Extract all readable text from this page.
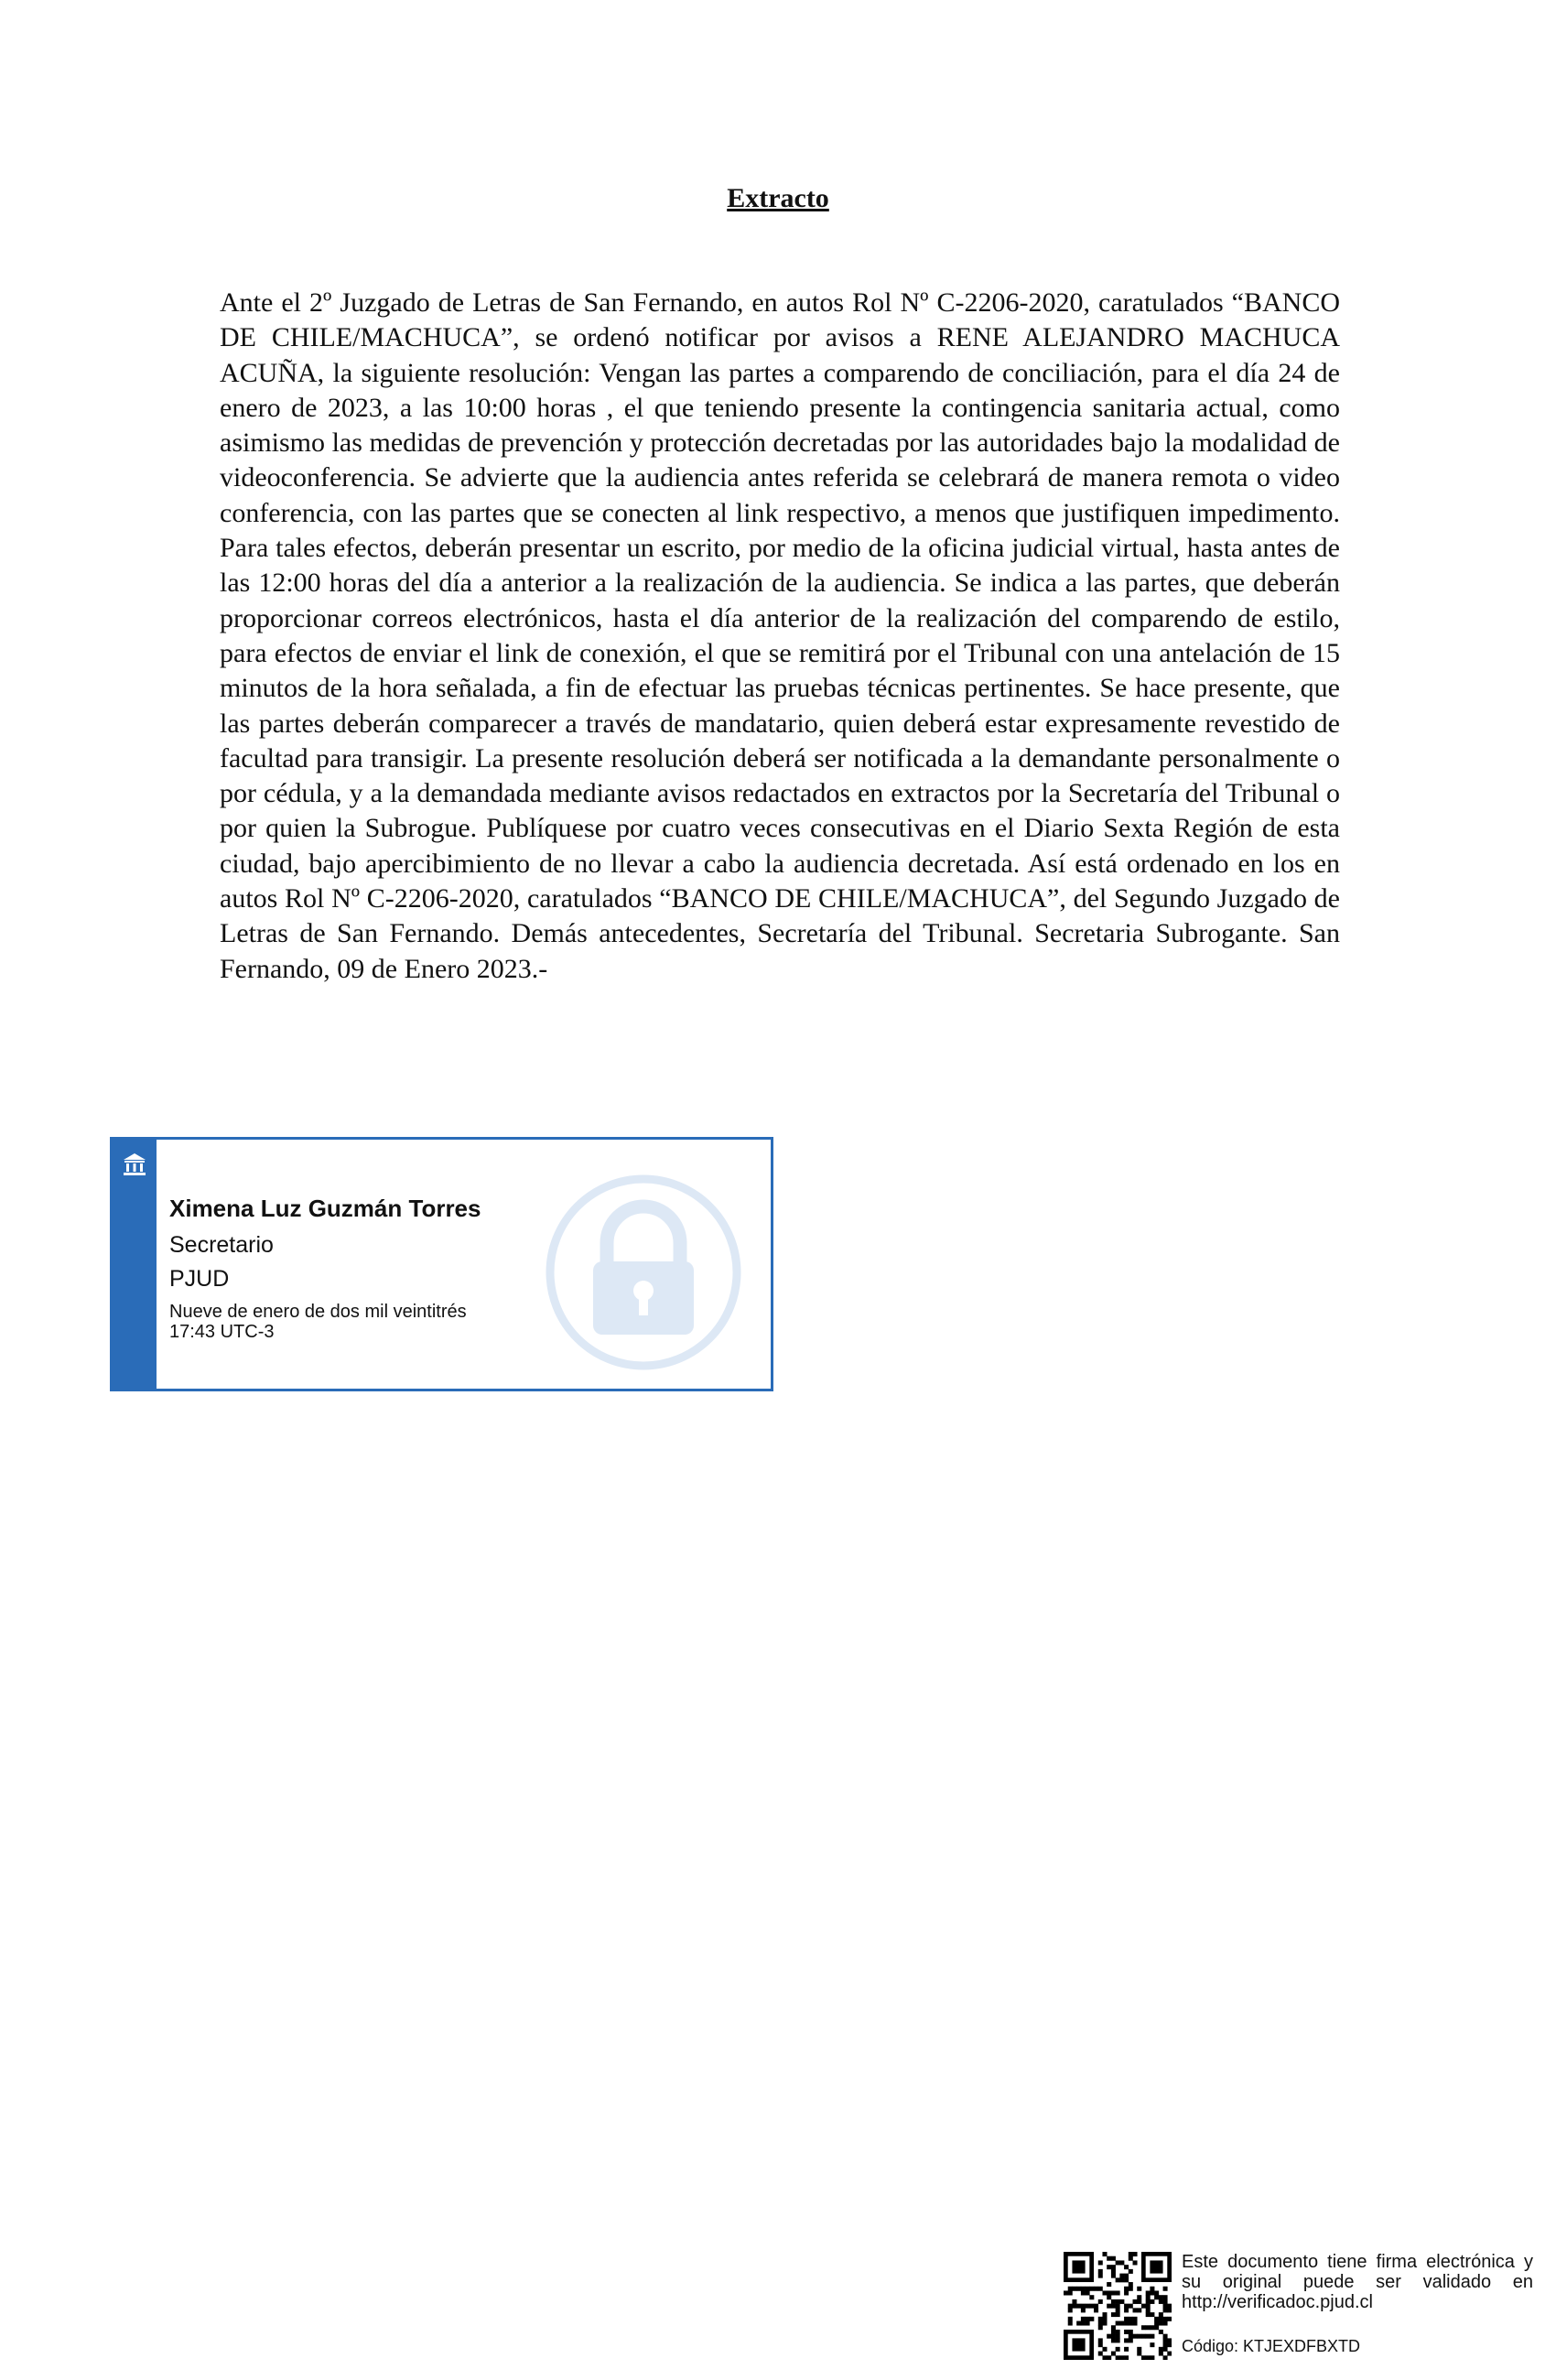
Extracto
Ante el 2º Juzgado de Letras de San Fernando, en autos Rol Nº C-2206-2020, caratulados “BANCO DE CHILE/MACHUCA”, se ordenó notificar por avisos a RENE ALEJANDRO MACHUCA ACUÑA, la siguiente resolución: Vengan las partes a comparendo de conciliación, para el día 24 de enero de 2023, a las 10:00 horas , el que teniendo presente la contingencia sanitaria actual, como asimismo las medidas de prevención y protección decretadas por las autoridades bajo la modalidad de videoconferencia. Se advierte que la audiencia antes referida se celebrará de manera remota o video conferencia, con las partes que se conecten al link respectivo, a menos que justifiquen impedimento. Para tales efectos, deberán presentar un escrito, por medio de la oficina judicial virtual, hasta antes de las 12:00 horas del día a anterior a la realización de la audiencia. Se indica a las partes, que deberán proporcionar correos electrónicos, hasta el día anterior de la realización del comparendo de estilo, para efectos de enviar el link de conexión, el que se remitirá por el Tribunal con una antelación de 15 minutos de la hora señalada, a fin de efectuar las pruebas técnicas pertinentes. Se hace presente, que las partes deberán comparecer a través de mandatario, quien deberá estar expresamente revestido de facultad para transigir. La presente resolución deberá ser notificada a la demandante personalmente o por cédula, y a la demandada mediante avisos redactados en extractos por la Secretaría del Tribunal o por quien la Subrogue. Publíquese por cuatro veces consecutivas en el Diario Sexta Región de esta ciudad, bajo apercibimiento de no llevar a cabo la audiencia decretada. Así está ordenado en los en autos Rol Nº C-2206-2020, caratulados “BANCO DE CHILE/MACHUCA”, del Segundo Juzgado de Letras de San Fernando. Demás antecedentes, Secretaría del Tribunal. Secretaria Subrogante. San Fernando, 09 de Enero 2023.-
Ximena Luz Guzmán Torres
Secretario
PJUD
Nueve de enero de dos mil veintitrés
17:43 UTC-3
Este documento tiene firma electrónica y su original puede ser validado en http://verificadoc.pjud.cl
Código: KTJEXDFBXTD
